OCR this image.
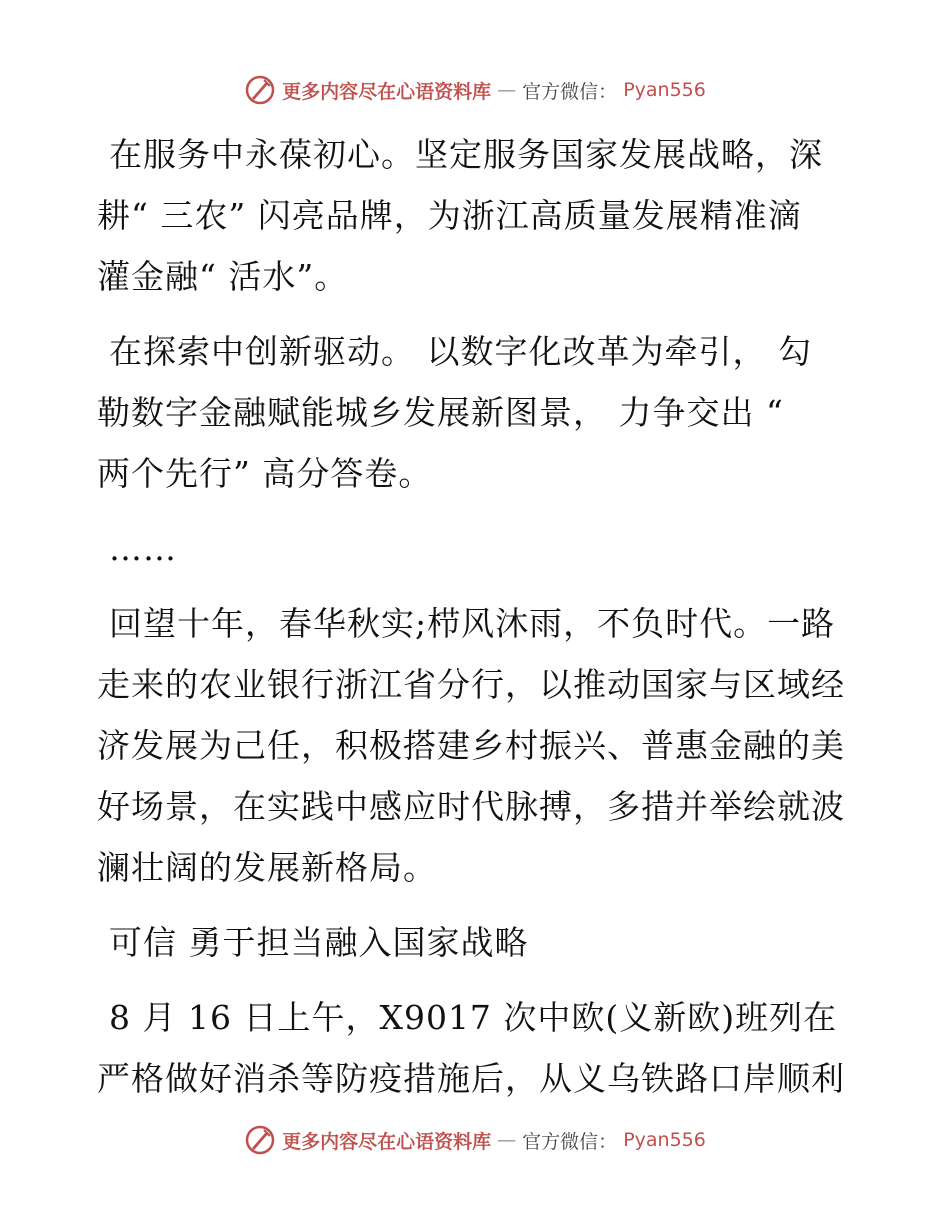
更多内容尽在心语资料库 — 官方微信： Pyan556

在服务中永葆初心。坚定服务国家发展战略，深
耕“ 三农” 闪亮品牌，为浙江高质量发展精准滴
灌金融“ 活水”。

在探索中创新驱动。 以数字化改革为牵引， 勾
勒数字金融赋能城乡发展新图景， 力争交出 “
两个先行” 高分答卷。

……

回望十年，春华秋实;栉风沐雨，不负时代。一路
走来的农业银行浙江省分行，以推动国家与区域经
济发展为己任，积极搭建乡村振兴、普惠金融的美
好场景，在实践中感应时代脉搏，多措并举绘就波
澜壮阔的发展新格局。

可信 勇于担当融入国家战略

8 月 16 日上午，X9017 次中欧(义新欧)班列在
严格做好消杀等防疫措施后，从义乌铁路口岸顺利

更多内容尽在心语资料库 — 官方微信： Pyan556
